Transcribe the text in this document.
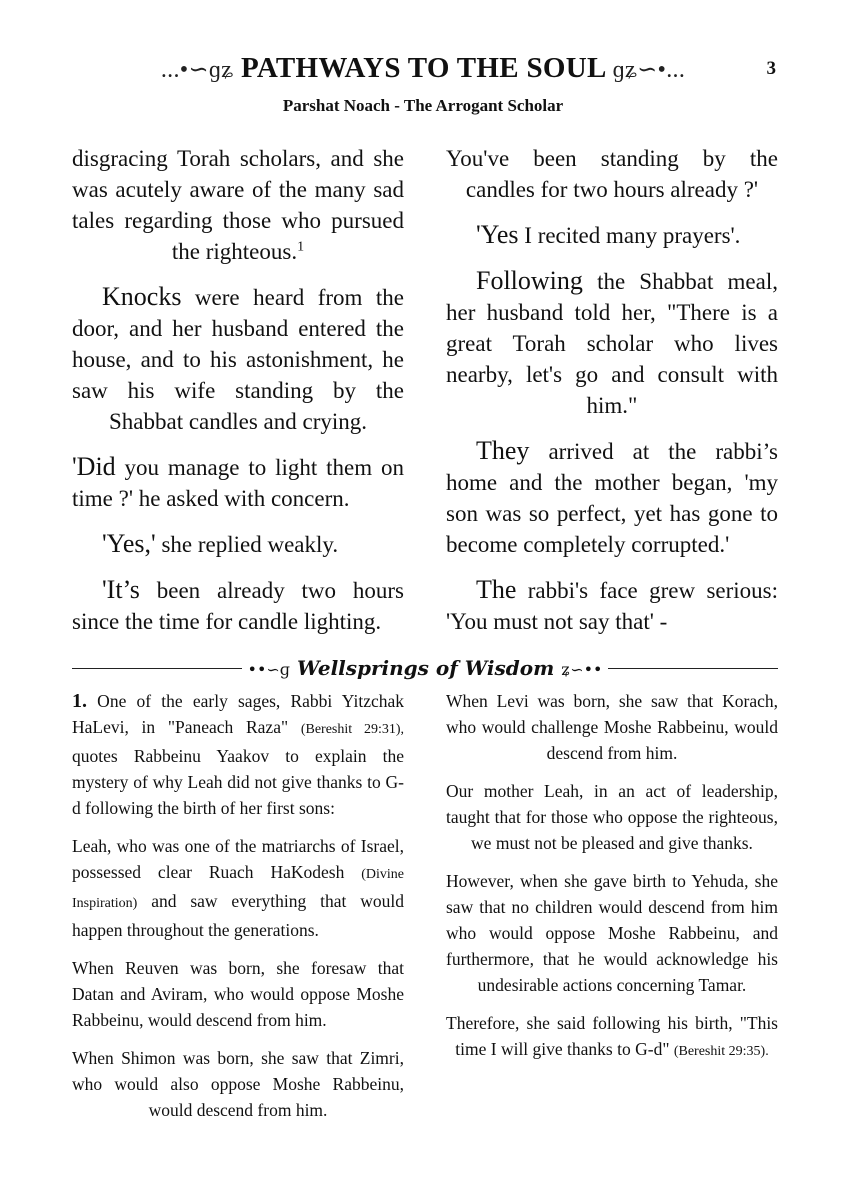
...•∽ɡʑ PATHWAYS TO THE SOUL ɡʑ∽•...	3
Parshat Noach - The Arrogant Scholar

disgracing Torah scholars, and she was acutely aware of the many sad tales regarding those who pursued the righteous.$^1$

Knocks were heard from the door, and her husband entered the house, and to his astonishment, he saw his wife standing by the Shabbat candles and crying.

'Did you manage to light them on time ?' he asked with concern.

'Yes,' she replied weakly.

'It’s been already two hours since the time for candle lighting.

You've been standing by the candles for two hours already ?'

'Yes I recited many prayers'.

Following the Shabbat meal, her husband told her, "There is a great Torah scholar who lives nearby, let's go and consult with him."

They arrived at the rabbi’s home and the mother began, 'my son was so perfect, yet has gone to become completely corrupted.'

The rabbi's face grew serious: 'You must not say that' -

••∽ɡ Wellsprings of Wisdom ʑ∽••

1. One of the early sages, Rabbi Yitzchak HaLevi, in "Paneach Raza" (Bereshit 29:31), quotes Rabbeinu Yaakov to explain the mystery of why Leah did not give thanks to G-d following the birth of her first sons:

Leah, who was one of the matriarchs of Israel, possessed clear Ruach HaKodesh (Divine Inspiration) and saw everything that would happen throughout the generations.

When Reuven was born, she foresaw that Datan and Aviram, who would oppose Moshe Rabbeinu, would descend from him.

When Shimon was born, she saw that Zimri, who would also oppose Moshe Rabbeinu, would descend from him.

When Levi was born, she saw that Korach, who would challenge Moshe Rabbeinu, would descend from him.

Our mother Leah, in an act of leadership, taught that for those who oppose the righteous, we must not be pleased and give thanks.

However, when she gave birth to Yehuda, she saw that no children would descend from him who would oppose Moshe Rabbeinu, and furthermore, that he would acknowledge his undesirable actions concerning Tamar.

Therefore, she said following his birth, "This time I will give thanks to G-d" (Bereshit 29:35).
